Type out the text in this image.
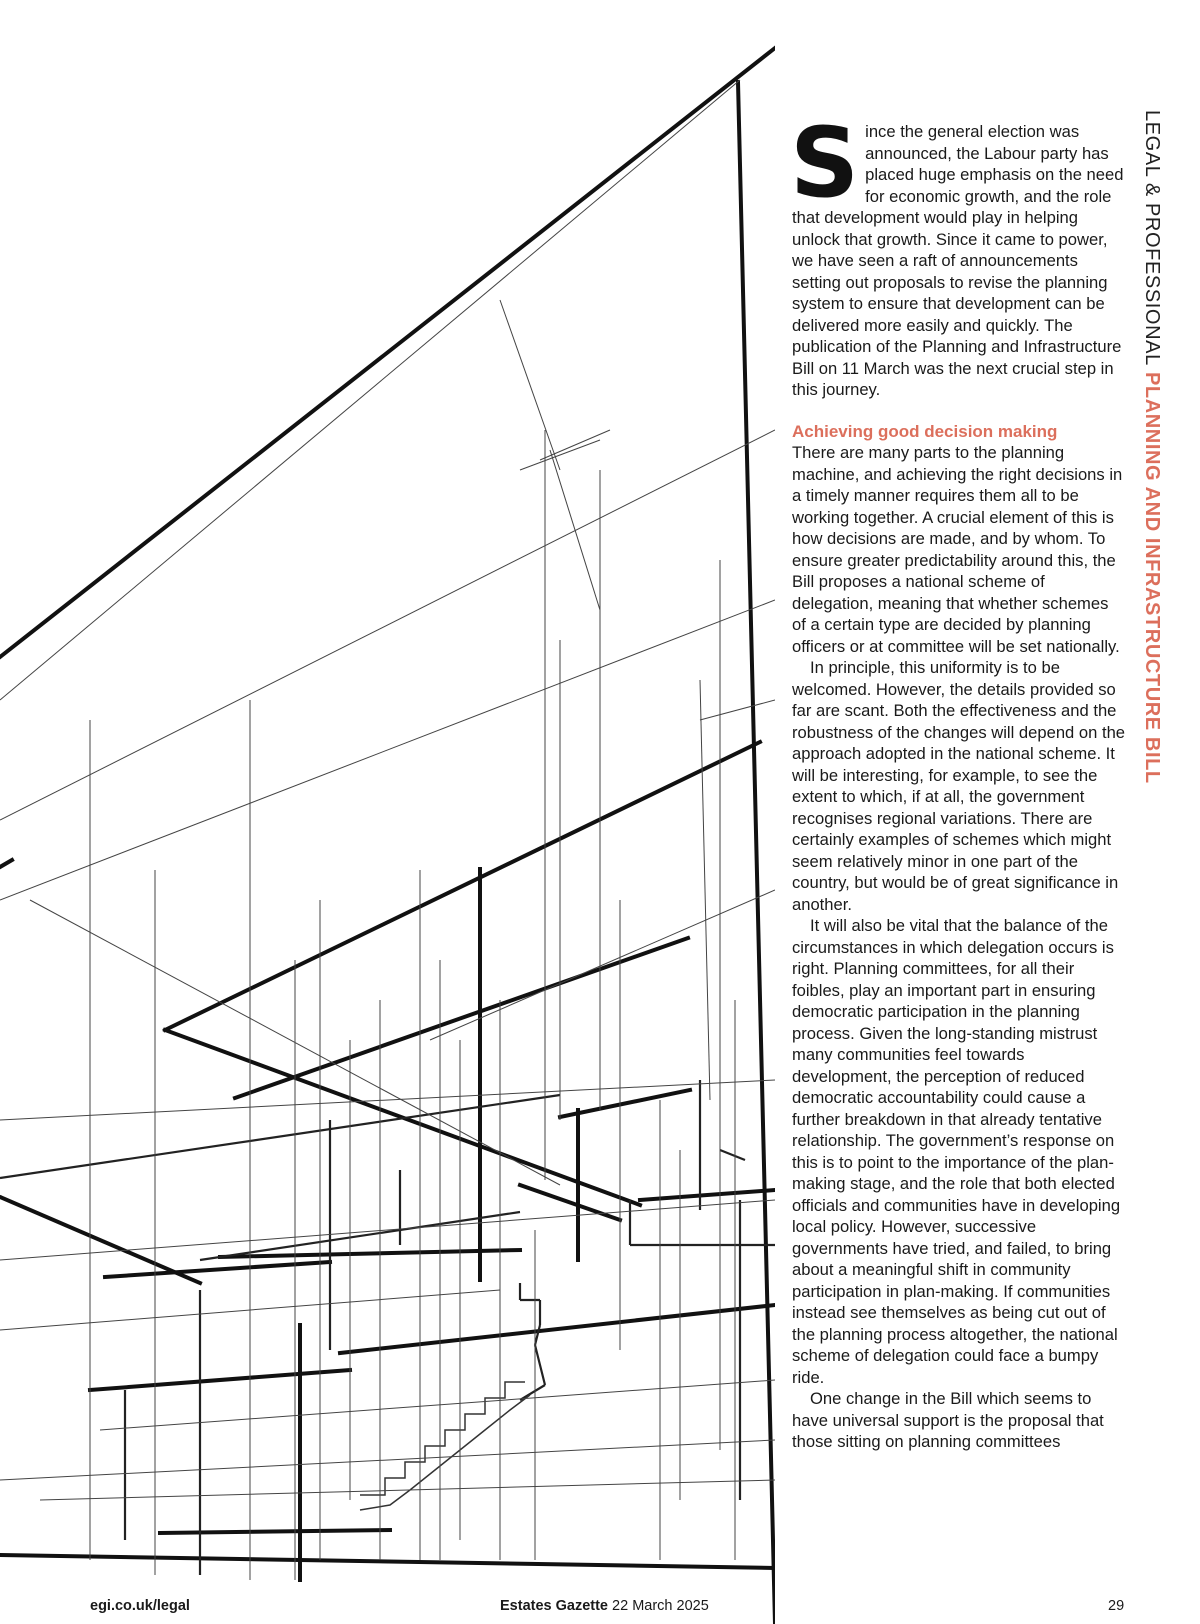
LEGAL & PROFESSIONAL PLANNING AND INFRASTRUCTURE BILL

Since the general election was announced, the Labour party has placed huge emphasis on the need for economic growth, and the role that development would play in helping unlock that growth. Since it came to power, we have seen a raft of announcements setting out proposals to revise the planning system to ensure that development can be delivered more easily and quickly. The publication of the Planning and Infrastructure Bill on 11 March was the next crucial step in this journey.

Achieving good decision making

There are many parts to the planning machine, and achieving the right decisions in a timely manner requires them all to be working together. A crucial element of this is how decisions are made, and by whom. To ensure greater predictability around this, the Bill proposes a national scheme of delegation, meaning that whether schemes of a certain type are decided by planning officers or at committee will be set nationally.

In principle, this uniformity is to be welcomed. However, the details provided so far are scant. Both the effectiveness and the robustness of the changes will depend on the approach adopted in the national scheme. It will be interesting, for example, to see the extent to which, if at all, the government recognises regional variations. There are certainly examples of schemes which might seem relatively minor in one part of the country, but would be of great significance in another.

It will also be vital that the balance of the circumstances in which delegation occurs is right. Planning committees, for all their foibles, play an important part in ensuring democratic participation in the planning process. Given the long-standing mistrust many communities feel towards development, the perception of reduced democratic accountability could cause a further breakdown in that already tentative relationship. The government’s response on this is to point to the importance of the plan-making stage, and the role that both elected officials and communities have in developing local policy. However, successive governments have tried, and failed, to bring about a meaningful shift in community participation in plan-making. If communities instead see themselves as being cut out of the planning process altogether, the national scheme of delegation could face a bumpy ride.

One change in the Bill which seems to have universal support is the proposal that those sitting on planning committees

egi.co.uk/legal	Estates Gazette 22 March 2025	29
